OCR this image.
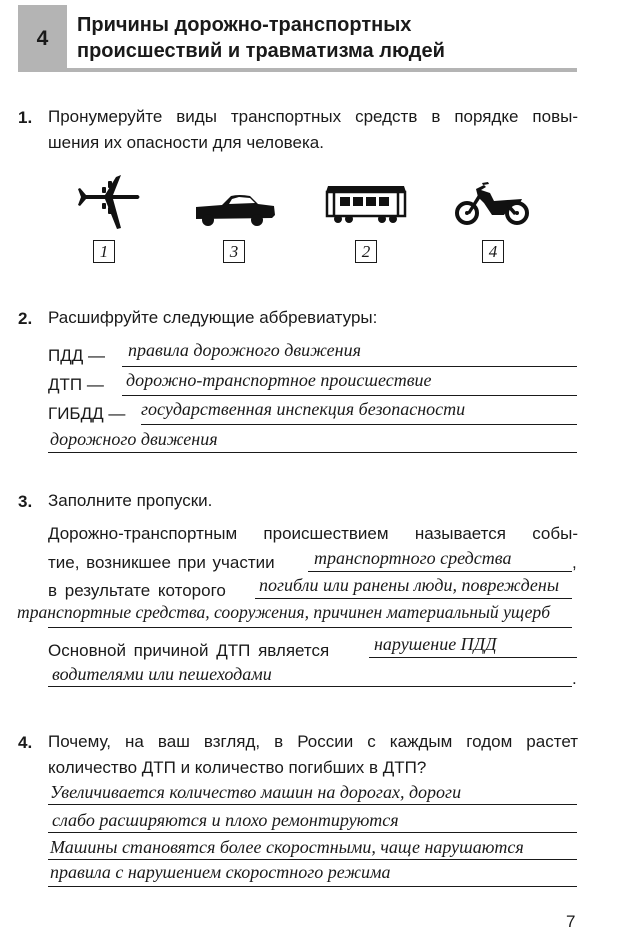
4
Причины дорожно-транспортных
происшествий и травматизма людей
1. Пронумеруйте виды транспортных средств в порядке повы-
шения их опасности для человека.
1	3	2	4
2. Расшифруйте следующие аббревиатуры:
ПДД — правила дорожного движения
ДТП — дорожно-транспортное происшествие
ГИБДД — государственная инспекция безопасности
дорожного движения
3. Заполните пропуски.
Дорожно-транспортным происшествием называется собы-
тие, возникшее при участии транспортного средства	,
в результате которого погибли или ранены люди, повреждены
транспортные средства, сооружения, причинен материальный ущерб
Основной причиной ДТП является нарушение ПДД
водителями или пешеходами	.
4. Почему, на ваш взгляд, в России с каждым годом растет
количество ДТП и количество погибших в ДТП?
Увеличивается количество машин на дорогах, дороги
слабо расширяются и плохо ремонтируются
Машины становятся более скоростными, чаще нарушаются
правила с нарушением скоростного режима
7
